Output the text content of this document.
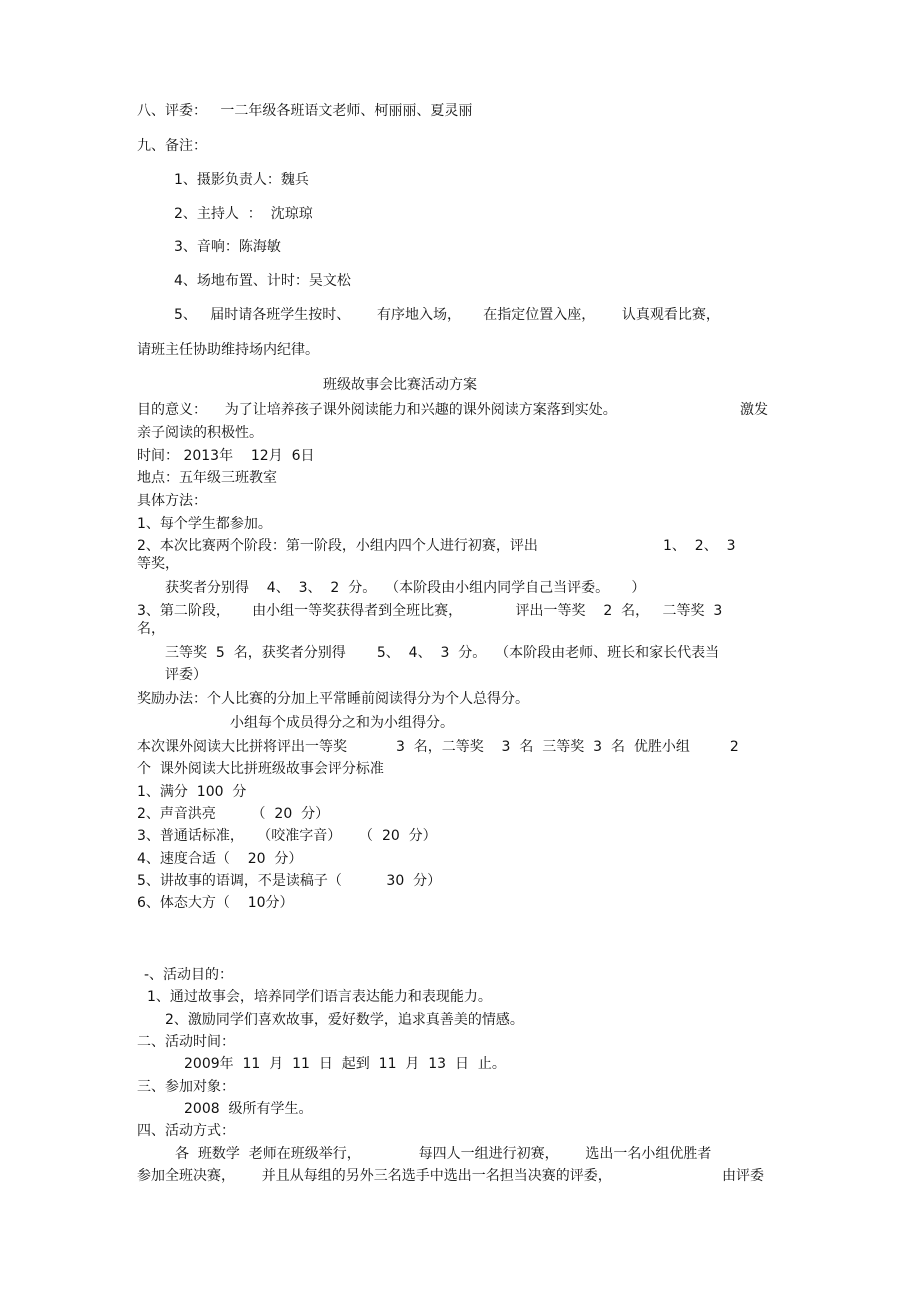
八、评委：   一二年级各班语文老师、柯丽丽、夏灵丽
九、备注：
1、摄影负责人：魏兵
2、主持人  ：  沈琼琼
3、音响：陈海敏
4、场地布置、计时：吴文松
5、   届时请各班学生按时、      有序地入场，     在指定位置入座，      认真观看比赛，
请班主任协助维持场内纪律。
班级故事会比赛活动方案
目的意义：    为了让培养孩子课外阅读能力和兴趣的课外阅读方案落到实处。	激发
亲子阅读的积极性。
时间： 2013年    12月  6日
地点：五年级三班教室
具体方法：
1、每个学生都参加。
2、本次比赛两个阶段：第一阶段，小组内四个人进行初赛，评出	1、  2、  3
等奖，
获奖者分别得    4、  3、  2  分。  （本阶段由小组内同学自己当评委。     ）
3、第二阶段，     由小组一等奖获得者到全班比赛，            评出一等奖    2  名，   二等奖  3
名，
三等奖  5  名，获奖者分别得       5、  4、  3  分。  （本阶段由老师、班长和家长代表当
评委）
奖励办法：个人比赛的分加上平常睡前阅读得分为个人总得分。
小组每个成员得分之和为小组得分。
本次课外阅读大比拼将评出一等奖           3  名，二等奖    3  名  三等奖  3  名  优胜小组         2
个  课外阅读大比拼班级故事会评分标准
1、满分  100  分
2、声音洪亮        （  20  分）
3、普通话标准，   （咬准字音）    （  20  分）
4、速度合适（    20  分）
5、讲故事的语调，不是读稿子（          30  分）
6、体态大方（    10分）
-、活动目的：
1、通过故事会，培养同学们语言表达能力和表现能力。
2、激励同学们喜欢故事，爱好数学，追求真善美的情感。
二、活动时间：
2009年  11  月  11  日  起到  11  月  13  日  止。
三、参加对象：
2008  级所有学生。
四、活动方式：
各  班数学  老师在班级举行，             每四人一组进行初赛，      选出一名小组优胜者
参加全班决赛，      并且从每组的另外三名选手中选出一名担当决赛的评委，	由评委
